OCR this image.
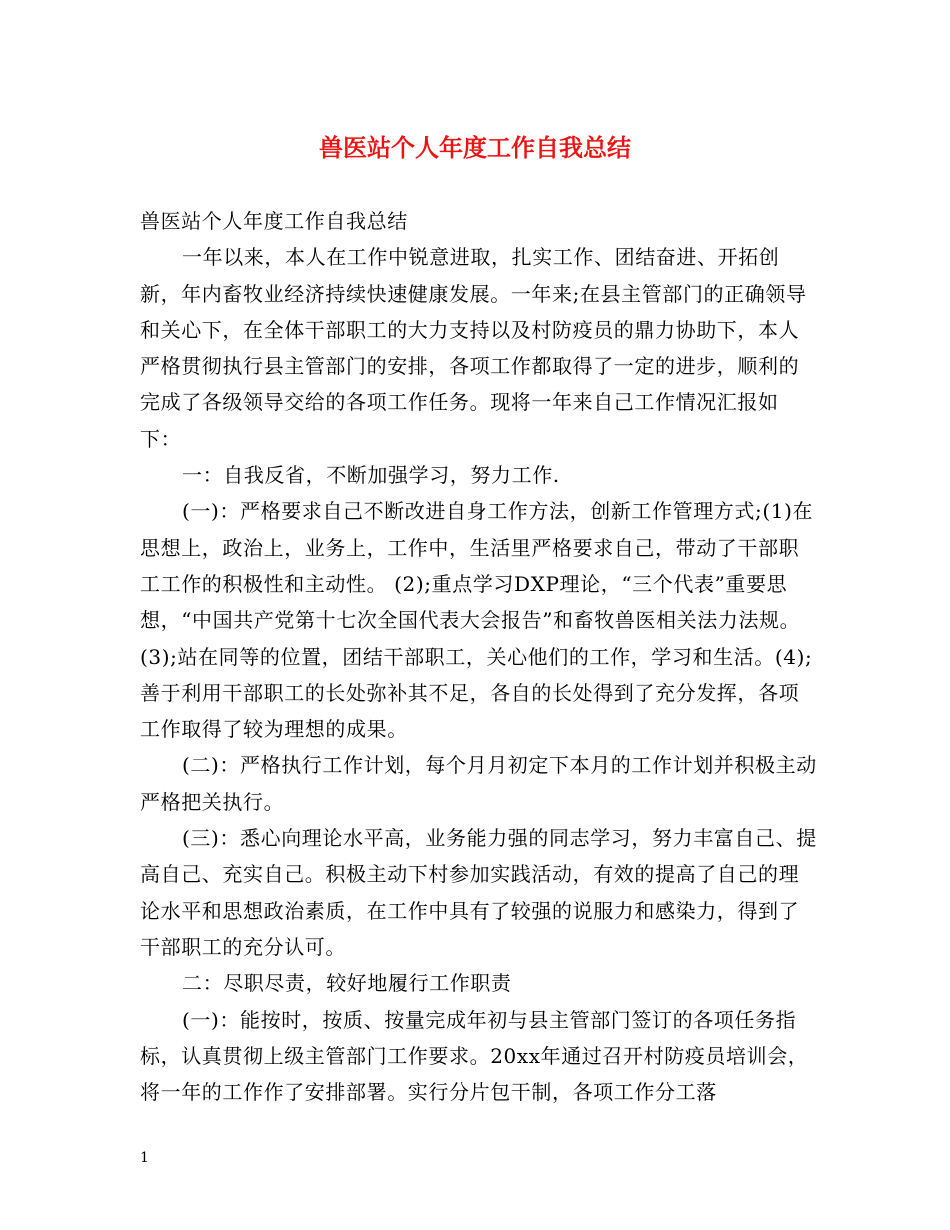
兽医站个人年度工作自我总结

兽医站个人年度工作自我总结

一年以来，本人在工作中锐意进取，扎实工作、团结奋进、开拓创新，年内畜牧业经济持续快速健康发展。一年来;在县主管部门的正确领导和关心下，在全体干部职工的大力支持以及村防疫员的鼎力协助下，本人严格贯彻执行县主管部门的安排，各项工作都取得了一定的进步，顺利的完成了各级领导交给的各项工作任务。现将一年来自己工作情况汇报如下：

一：自我反省，不断加强学习，努力工作.

(一)：严格要求自己不断改进自身工作方法，创新工作管理方式;(1)在思想上，政治上，业务上，工作中，生活里严格要求自己，带动了干部职工工作的积极性和主动性。 (2);重点学习DXP理论，“三个代表”重要思想，“中国共产党第十七次全国代表大会报告”和畜牧兽医相关法力法规。(3);站在同等的位置，团结干部职工，关心他们的工作，学习和生活。(4);善于利用干部职工的长处弥补其不足，各自的长处得到了充分发挥，各项工作取得了较为理想的成果。

(二)：严格执行工作计划，每个月月初定下本月的工作计划并积极主动严格把关执行。

(三)：悉心向理论水平高，业务能力强的同志学习，努力丰富自己、提高自己、充实自己。积极主动下村参加实践活动，有效的提高了自己的理论水平和思想政治素质，在工作中具有了较强的说服力和感染力，得到了干部职工的充分认可。

二：尽职尽责，较好地履行工作职责

(一)：能按时，按质、按量完成年初与县主管部门签订的各项任务指标，认真贯彻上级主管部门工作要求。20xx年通过召开村防疫员培训会，将一年的工作作了安排部署。实行分片包干制，各项工作分工落

1
